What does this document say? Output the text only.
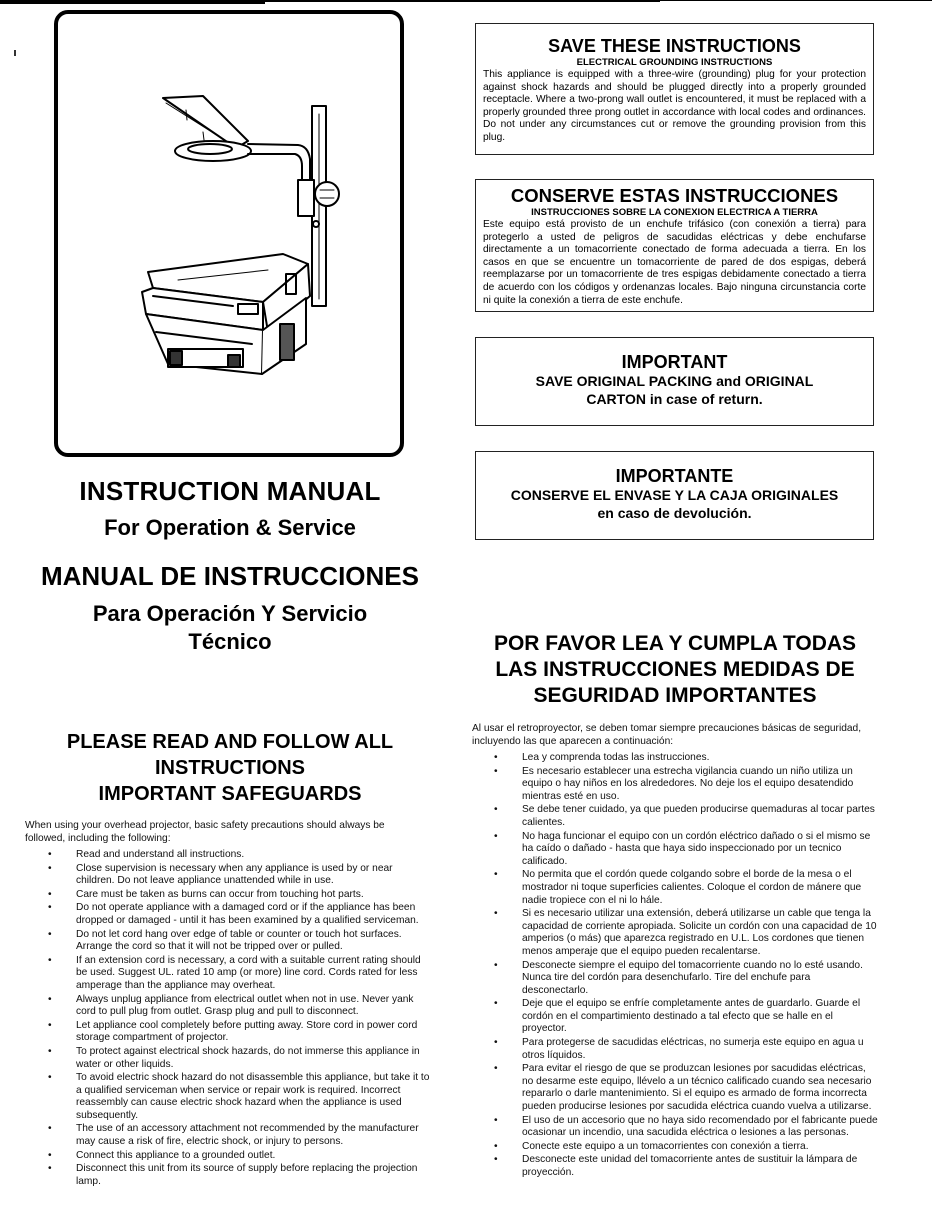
INSTRUCTION MANUAL
For Operation & Service
MANUAL DE INSTRUCCIONES
Para Operación Y Servicio
Técnico
SAVE THESE INSTRUCTIONS
ELECTRICAL GROUNDING INSTRUCTIONS
This appliance is equipped with a three-wire (grounding) plug for your protection against shock hazards and should be plugged directly into a properly grounded receptacle. Where a two-prong wall outlet is encountered, it must be replaced with a properly grounded three prong outlet in accordance with local codes and ordinances. Do not under any circumstances cut or remove the grounding provision from this plug.
CONSERVE ESTAS INSTRUCCIONES
INSTRUCCIONES SOBRE LA CONEXION ELECTRICA A TIERRA
Este equipo está provisto de un enchufe trifásico (con conexión a tierra) para protegerlo a usted de peligros de sacudidas eléctricas y debe enchufarse directamente a un tomacorriente conectado de forma adecuada a tierra. En los casos en que se encuentre un tomacorriente de pared de dos espigas, deberá reemplazarse por un tomacorriente de tres espigas debidamente conectado a tierra de acuerdo con los códigos y ordenanzas locales. Bajo ninguna circunstancia corte ni quite la conexión a tierra de este enchufe.
IMPORTANT
SAVE ORIGINAL PACKING and ORIGINAL
CARTON in case of return.
IMPORTANTE
CONSERVE EL ENVASE Y LA CAJA ORIGINALES
en caso de devolución.
POR FAVOR LEA Y CUMPLA TODAS
LAS INSTRUCCIONES MEDIDAS DE
SEGURIDAD IMPORTANTES
Al usar el retroproyector, se deben tomar siempre precauciones básicas de seguridad, incluyendo las que aparecen a continuación:
• Lea y comprenda todas las instrucciones.
• Es necesario establecer una estrecha vigilancia cuando un niño utiliza un equipo o hay niños en los alrededores. No deje los el equipo desatendido mientras esté en uso.
• Se debe tener cuidado, ya que pueden producirse quemaduras al tocar partes calientes.
• No haga funcionar el equipo con un cordón eléctrico dañado o si el mismo se ha caído o dañado - hasta que haya sido inspeccionado por un tecnico calificado.
• No permita que el cordón quede colgando sobre el borde de la mesa o el mostrador ni toque superficies calientes. Coloque el cordon de mánere que nadie tropiece con el ni lo hále.
• Si es necesario utilizar una extensión, deberá utilizarse un cable que tenga la capacidad de corriente apropiada. Solicite un cordón con una capacidad de 10 amperios (o más) que aparezca registrado en U.L. Los cordones que tienen menos amperaje que el equipo pueden recalentarse.
• Desconecte siempre el equipo del tomacorriente cuando no lo esté usando. Nunca tire del cordón para desenchufarlo. Tire del enchufe para desconectarlo.
• Deje que el equipo se enfríe completamente antes de guardarlo. Guarde el cordón en el compartimiento destinado a tal efecto que se halle en el proyector.
• Para protegerse de sacudidas eléctricas, no sumerja este equipo en agua u otros líquidos.
• Para evitar el riesgo de que se produzcan lesiones por sacudidas eléctricas, no desarme este equipo, llévelo a un técnico calificado cuando sea necesario repararlo o darle mantenimiento. Si el equipo es armado de forma incorrecta pueden producirse lesiones por sacudida eléctrica cuando vuelva a utilizarse.
• El uso de un accesorio que no haya sido recomendado por el fabricante puede ocasionar un incendio, una sacudida eléctrica o lesiones a las personas.
• Conecte este equipo a un tomacorrientes con conexión a tierra.
• Desconecte este unidad del tomacorriente antes de sustituir la lámpara de proyección.
PLEASE READ AND FOLLOW ALL
INSTRUCTIONS
IMPORTANT SAFEGUARDS
When using your overhead projector, basic safety precautions should always be followed, including the following:
• Read and understand all instructions.
• Close supervision is necessary when any appliance is used by or near children. Do not leave appliance unattended while in use.
• Care must be taken as burns can occur from touching hot parts.
• Do not operate appliance with a damaged cord or if the appliance has been dropped or damaged - until it has been examined by a qualified serviceman.
• Do not let cord hang over edge of table or counter or touch hot surfaces. Arrange the cord so that it will not be tripped over or pulled.
• If an extension cord is necessary, a cord with a suitable current rating should be used. Suggest UL. rated 10 amp (or more) line cord. Cords rated for less amperage than the appliance may overheat.
• Always unplug appliance from electrical outlet when not in use. Never yank cord to pull plug from outlet. Grasp plug and pull to disconnect.
• Let appliance cool completely before putting away. Store cord in power cord storage compartment of projector.
• To protect against electrical shock hazards, do not immerse this appliance in water or other liquids.
• To avoid electric shock hazard do not disassemble this appliance, but take it to a qualified serviceman when service or repair work is required. Incorrect reassembly can cause electric shock hazard when the appliance is used subsequently.
• The use of an accessory attachment not recommended by the manufacturer may cause a risk of fire, electric shock, or injury to persons.
• Connect this appliance to a grounded outlet.
• Disconnect this unit from its source of supply before replacing the projection lamp.
